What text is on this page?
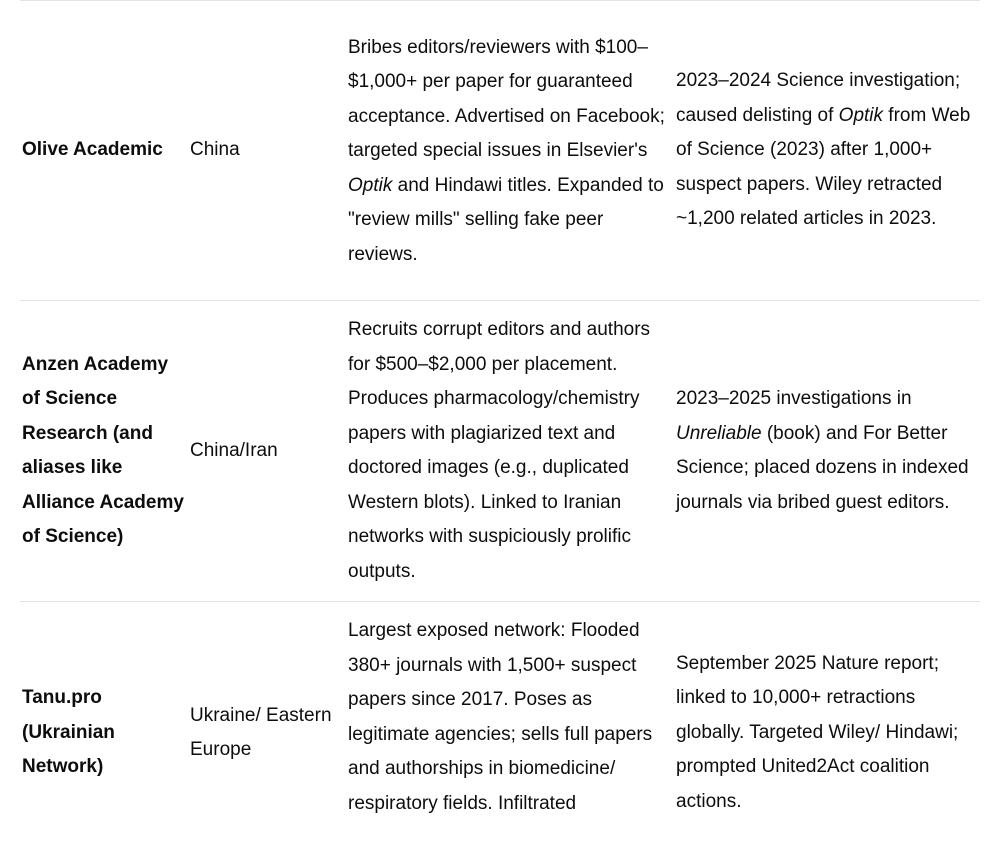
Olive Academic	China
Bribes editors/reviewers with $100–$1,000+ per paper for guaranteed acceptance. Advertised on Facebook; targeted special issues in Elsevier's Optik and Hindawi titles. Expanded to "review mills" selling fake peer reviews.
2023–2024 Science investigation; caused delisting of Optik from Web of Science (2023) after 1,000+ suspect papers. Wiley retracted ~1,200 related articles in 2023.
Anzen Academy of Science Research (and aliases like Alliance Academy of Science)
China/Iran
Recruits corrupt editors and authors for $500–$2,000 per placement. Produces pharmacology/chemistry papers with plagiarized text and doctored images (e.g., duplicated Western blots). Linked to Iranian networks with suspiciously prolific outputs.
2023–2025 investigations in Unreliable (book) and For Better Science; placed dozens in indexed journals via bribed guest editors.
Tanu.pro (Ukrainian Network)
Ukraine/ Eastern Europe
Largest exposed network: Flooded 380+ journals with 1,500+ suspect papers since 2017. Poses as legitimate agencies; sells full papers and authorships in biomedicine/ respiratory fields. Infiltrated
September 2025 Nature report; linked to 10,000+ retractions globally. Targeted Wiley/ Hindawi; prompted United2Act coalition actions.
